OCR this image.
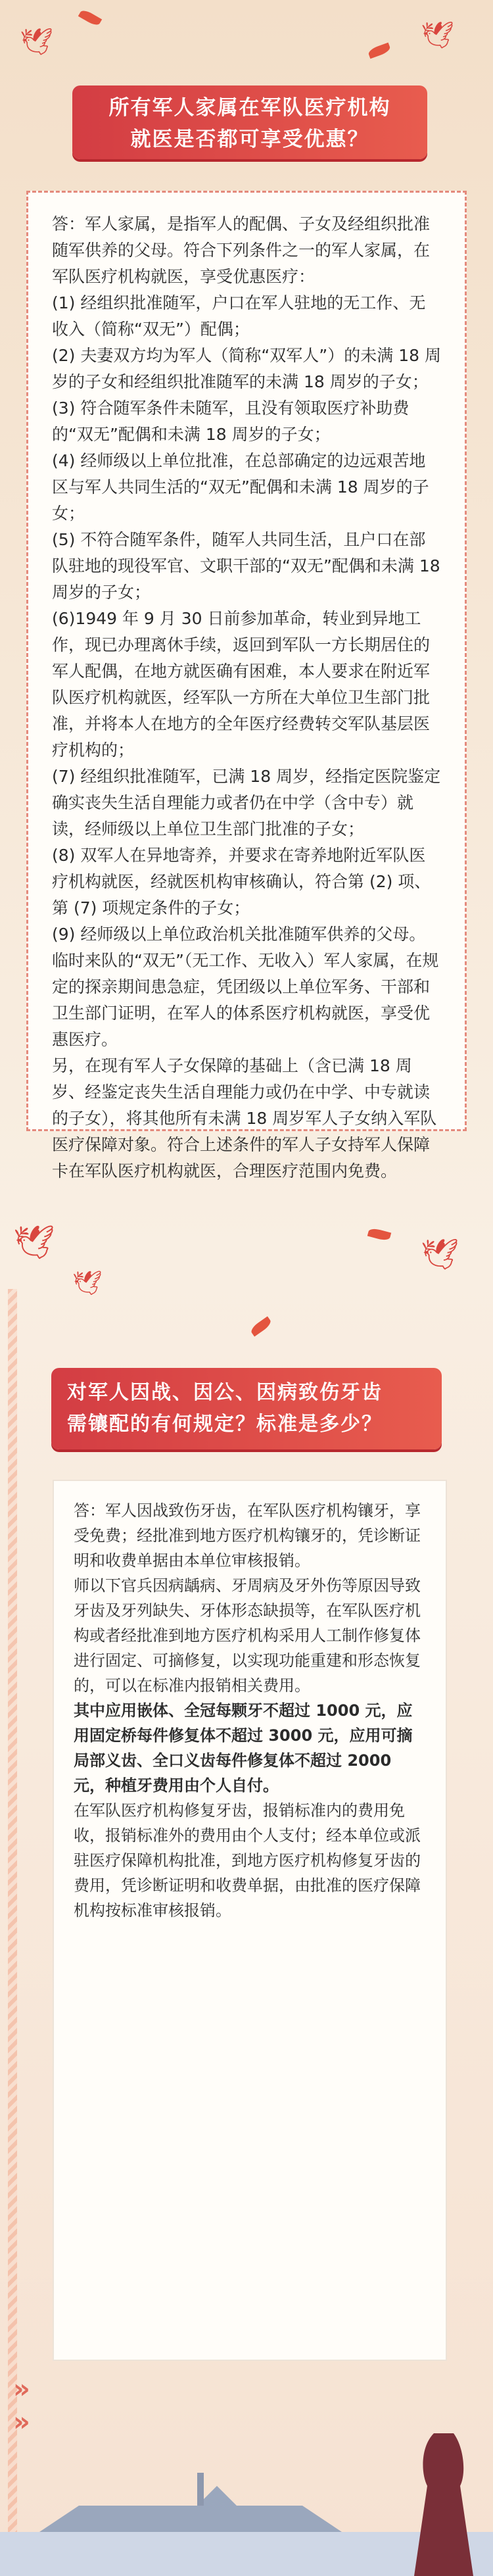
🕊	🕊
所有军人家属在军队医疗机构
就医是否都可享受优惠？

答：军人家属，是指军人的配偶、子女及经组织批准随军供养的父母。符合下列条件之一的军人家属，在军队医疗机构就医，享受优惠医疗：

(1) 经组织批准随军，户口在军人驻地的无工作、无收入（简称“双无”）配偶；

(2) 夫妻双方均为军人（简称“双军人”）的未满 18 周岁的子女和经组织批准随军的未满 18 周岁的子女；

(3) 符合随军条件未随军，且没有领取医疗补助费的“双无”配偶和未满 18 周岁的子女；

(4) 经师级以上单位批准，在总部确定的边远艰苦地区与军人共同生活的“双无”配偶和未满 18 周岁的子女；

(5) 不符合随军条件，随军人共同生活，且户口在部队驻地的现役军官、文职干部的“双无”配偶和未满 18 周岁的子女；

(6)1949 年 9 月 30 日前参加革命，转业到异地工作，现已办理离休手续，返回到军队一方长期居住的军人配偶，在地方就医确有困难，本人要求在附近军队医疗机构就医，经军队一方所在大单位卫生部门批准，并将本人在地方的全年医疗经费转交军队基层医疗机构的；

(7) 经组织批准随军，已满 18 周岁，经指定医院鉴定确实丧失生活自理能力或者仍在中学（含中专）就读，经师级以上单位卫生部门批准的子女；

(8) 双军人在异地寄养，并要求在寄养地附近军队医疗机构就医，经就医机构审核确认，符合第 (2) 项、第 (7) 项规定条件的子女；

(9) 经师级以上单位政治机关批准随军供养的父母。临时来队的“双无”（无工作、无收入）军人家属，在规定的探亲期间患急症，凭团级以上单位军务、干部和卫生部门证明，在军人的体系医疗机构就医，享受优惠医疗。

另，在现有军人子女保障的基础上（含已满 18 周岁、经鉴定丧失生活自理能力或仍在中学、中专就读的子女），将其他所有未满 18 周岁军人子女纳入军队医疗保障对象。符合上述条件的军人子女持军人保障卡在军队医疗机构就医，合理医疗范围内免费。

🕊
🕊
🕊
对军人因战、因公、因病致伤牙齿
需镶配的有何规定？标准是多少？

答：军人因战致伤牙齿，在军队医疗机构镶牙，享受免费；经批准到地方医疗机构镶牙的，凭诊断证明和收费单据由本单位审核报销。

师以下官兵因病龋病、牙周病及牙外伤等原因导致牙齿及牙列缺失、牙体形态缺损等，在军队医疗机构或者经批准到地方医疗机构采用人工制作修复体进行固定、可摘修复，以实现功能重建和形态恢复的，可以在标准内报销相关费用。

其中应用嵌体、全冠每颗牙不超过 1000 元，应用固定桥每件修复体不超过 3000 元，应用可摘局部义齿、全口义齿每件修复体不超过 2000 元，种植牙费用由个人自付。

在军队医疗机构修复牙齿，报销标准内的费用免收，报销标准外的费用由个人支付；经本单位或派驻医疗保障机构批准，到地方医疗机构修复牙齿的费用，凭诊断证明和收费单据，由批准的医疗保障机构按标准审核报销。

»
»
